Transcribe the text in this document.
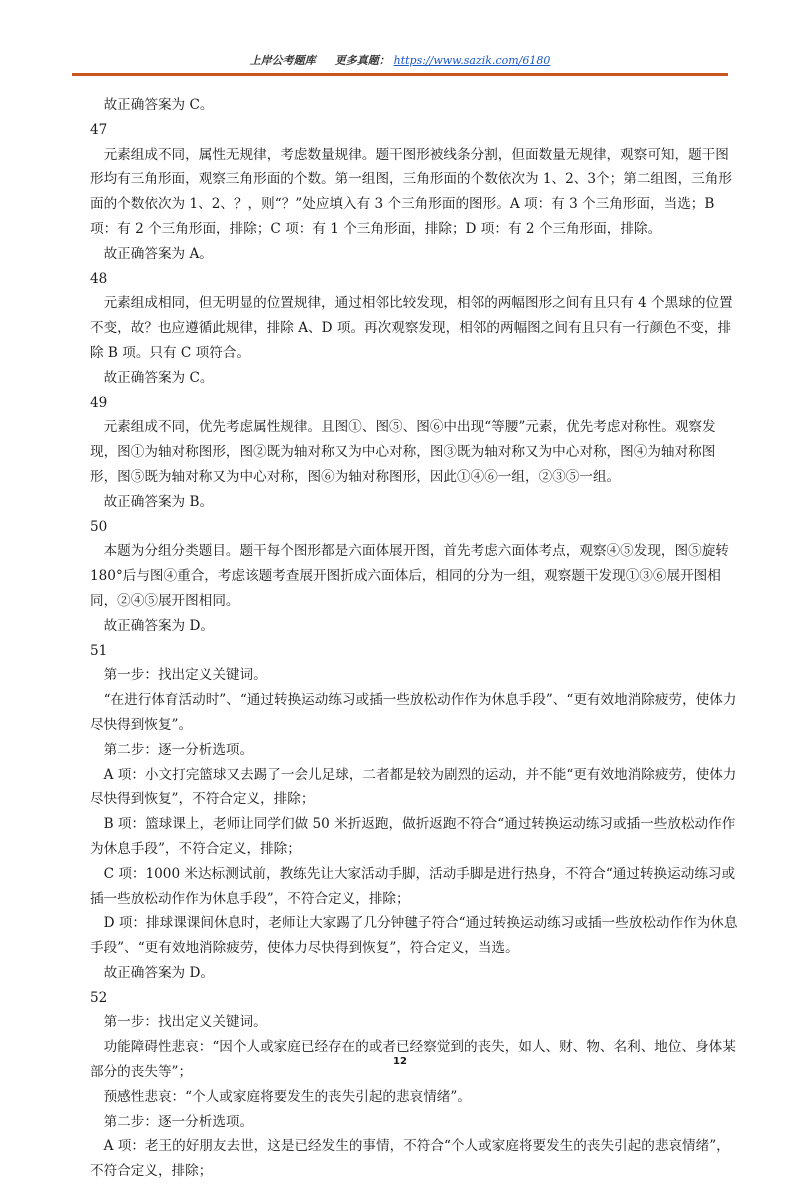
上岸公考题库 更多真题： https://www.sazik.com/6180

故正确答案为 C。

47

元素组成不同，属性无规律，考虑数量规律。题干图形被线条分割，但面数量无规律，观察可知，题干图形均有三角形面，观察三角形面的个数。第一组图，三角形面的个数依次为 1、2、3个；第二组图，三角形面的个数依次为 1、2、？，则“？”处应填入有 3 个三角形面的图形。A 项：有 3 个三角形面，当选；B 项：有 2 个三角形面，排除；C 项：有 1 个三角形面，排除；D 项：有 2 个三角形面，排除。

故正确答案为 A。

48

元素组成相同，但无明显的位置规律，通过相邻比较发现，相邻的两幅图形之间有且只有 4 个黑球的位置不变，故？也应遵循此规律，排除 A、D 项。再次观察发现，相邻的两幅图之间有且只有一行颜色不变，排除 B 项。只有 C 项符合。

故正确答案为 C。

49

元素组成不同，优先考虑属性规律。且图①、图⑤、图⑥中出现“等腰”元素，优先考虑对称性。观察发现，图①为轴对称图形，图②既为轴对称又为中心对称，图③既为轴对称又为中心对称，图④为轴对称图形，图⑤既为轴对称又为中心对称，图⑥为轴对称图形，因此①④⑥一组，②③⑤一组。

故正确答案为 B。

50

本题为分组分类题目。题干每个图形都是六面体展开图，首先考虑六面体考点，观察④⑤发现，图⑤旋转 180°后与图④重合，考虑该题考查展开图折成六面体后，相同的分为一组，观察题干发现①③⑥展开图相同，②④⑤展开图相同。

故正确答案为 D。

51

第一步：找出定义关键词。

“在进行体育活动时”、“通过转换运动练习或插一些放松动作作为休息手段”、“更有效地消除疲劳，使体力尽快得到恢复”。

第二步：逐一分析选项。

A 项：小文打完篮球又去踢了一会儿足球，二者都是较为剧烈的运动，并不能“更有效地消除疲劳，使体力尽快得到恢复”，不符合定义，排除；

B 项：篮球课上，老师让同学们做 50 米折返跑，做折返跑不符合“通过转换运动练习或插一些放松动作作为休息手段”，不符合定义，排除；

C 项：1000 米达标测试前，教练先让大家活动手脚，活动手脚是进行热身，不符合“通过转换运动练习或插一些放松动作作为休息手段”，不符合定义，排除；

D 项：排球课课间休息时，老师让大家踢了几分钟毽子符合“通过转换运动练习或插一些放松动作作为休息手段”、“更有效地消除疲劳，使体力尽快得到恢复”，符合定义，当选。

故正确答案为 D。

52

第一步：找出定义关键词。

功能障碍性悲哀：“因个人或家庭已经存在的或者已经察觉到的丧失，如人、财、物、名利、地位、身体某部分的丧失等”；

预感性悲哀：“个人或家庭将要发生的丧失引起的悲哀情绪”。

第二步：逐一分析选项。

A 项：老王的好朋友去世，这是已经发生的事情，不符合“个人或家庭将要发生的丧失引起的悲哀情绪”，不符合定义，排除；

12
